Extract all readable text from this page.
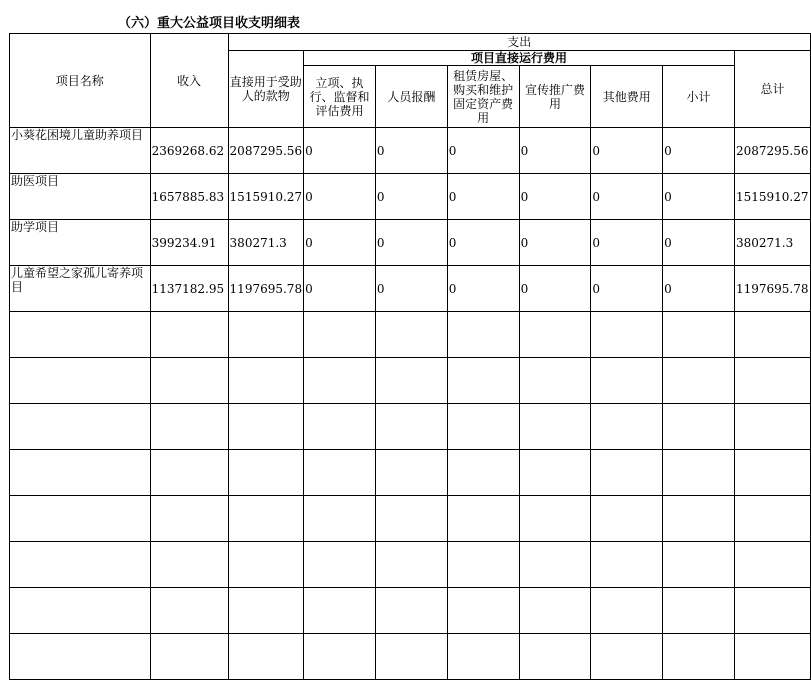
（六）重大公益项目收支明细表
项目名称	收入	支出							
		直接用于受助人的款物	项目直接运行费用						总计
			立项、执行、监督和评估费用	人员报酬	租赁房屋、购买和维护固定资产费用	宣传推广费用	其他费用	小计	
小葵花困境儿童助养项目	2369268.62	2087295.56	0	0	0	0	0	0	2087295.56
助医项目	1657885.83	1515910.27	0	0	0	0	0	0	1515910.27
助学项目	399234.91	380271.3	0	0	0	0	0	0	380271.3
儿童希望之家孤儿寄养项目	1137182.95	1197695.78	0	0	0	0	0	0	1197695.78
